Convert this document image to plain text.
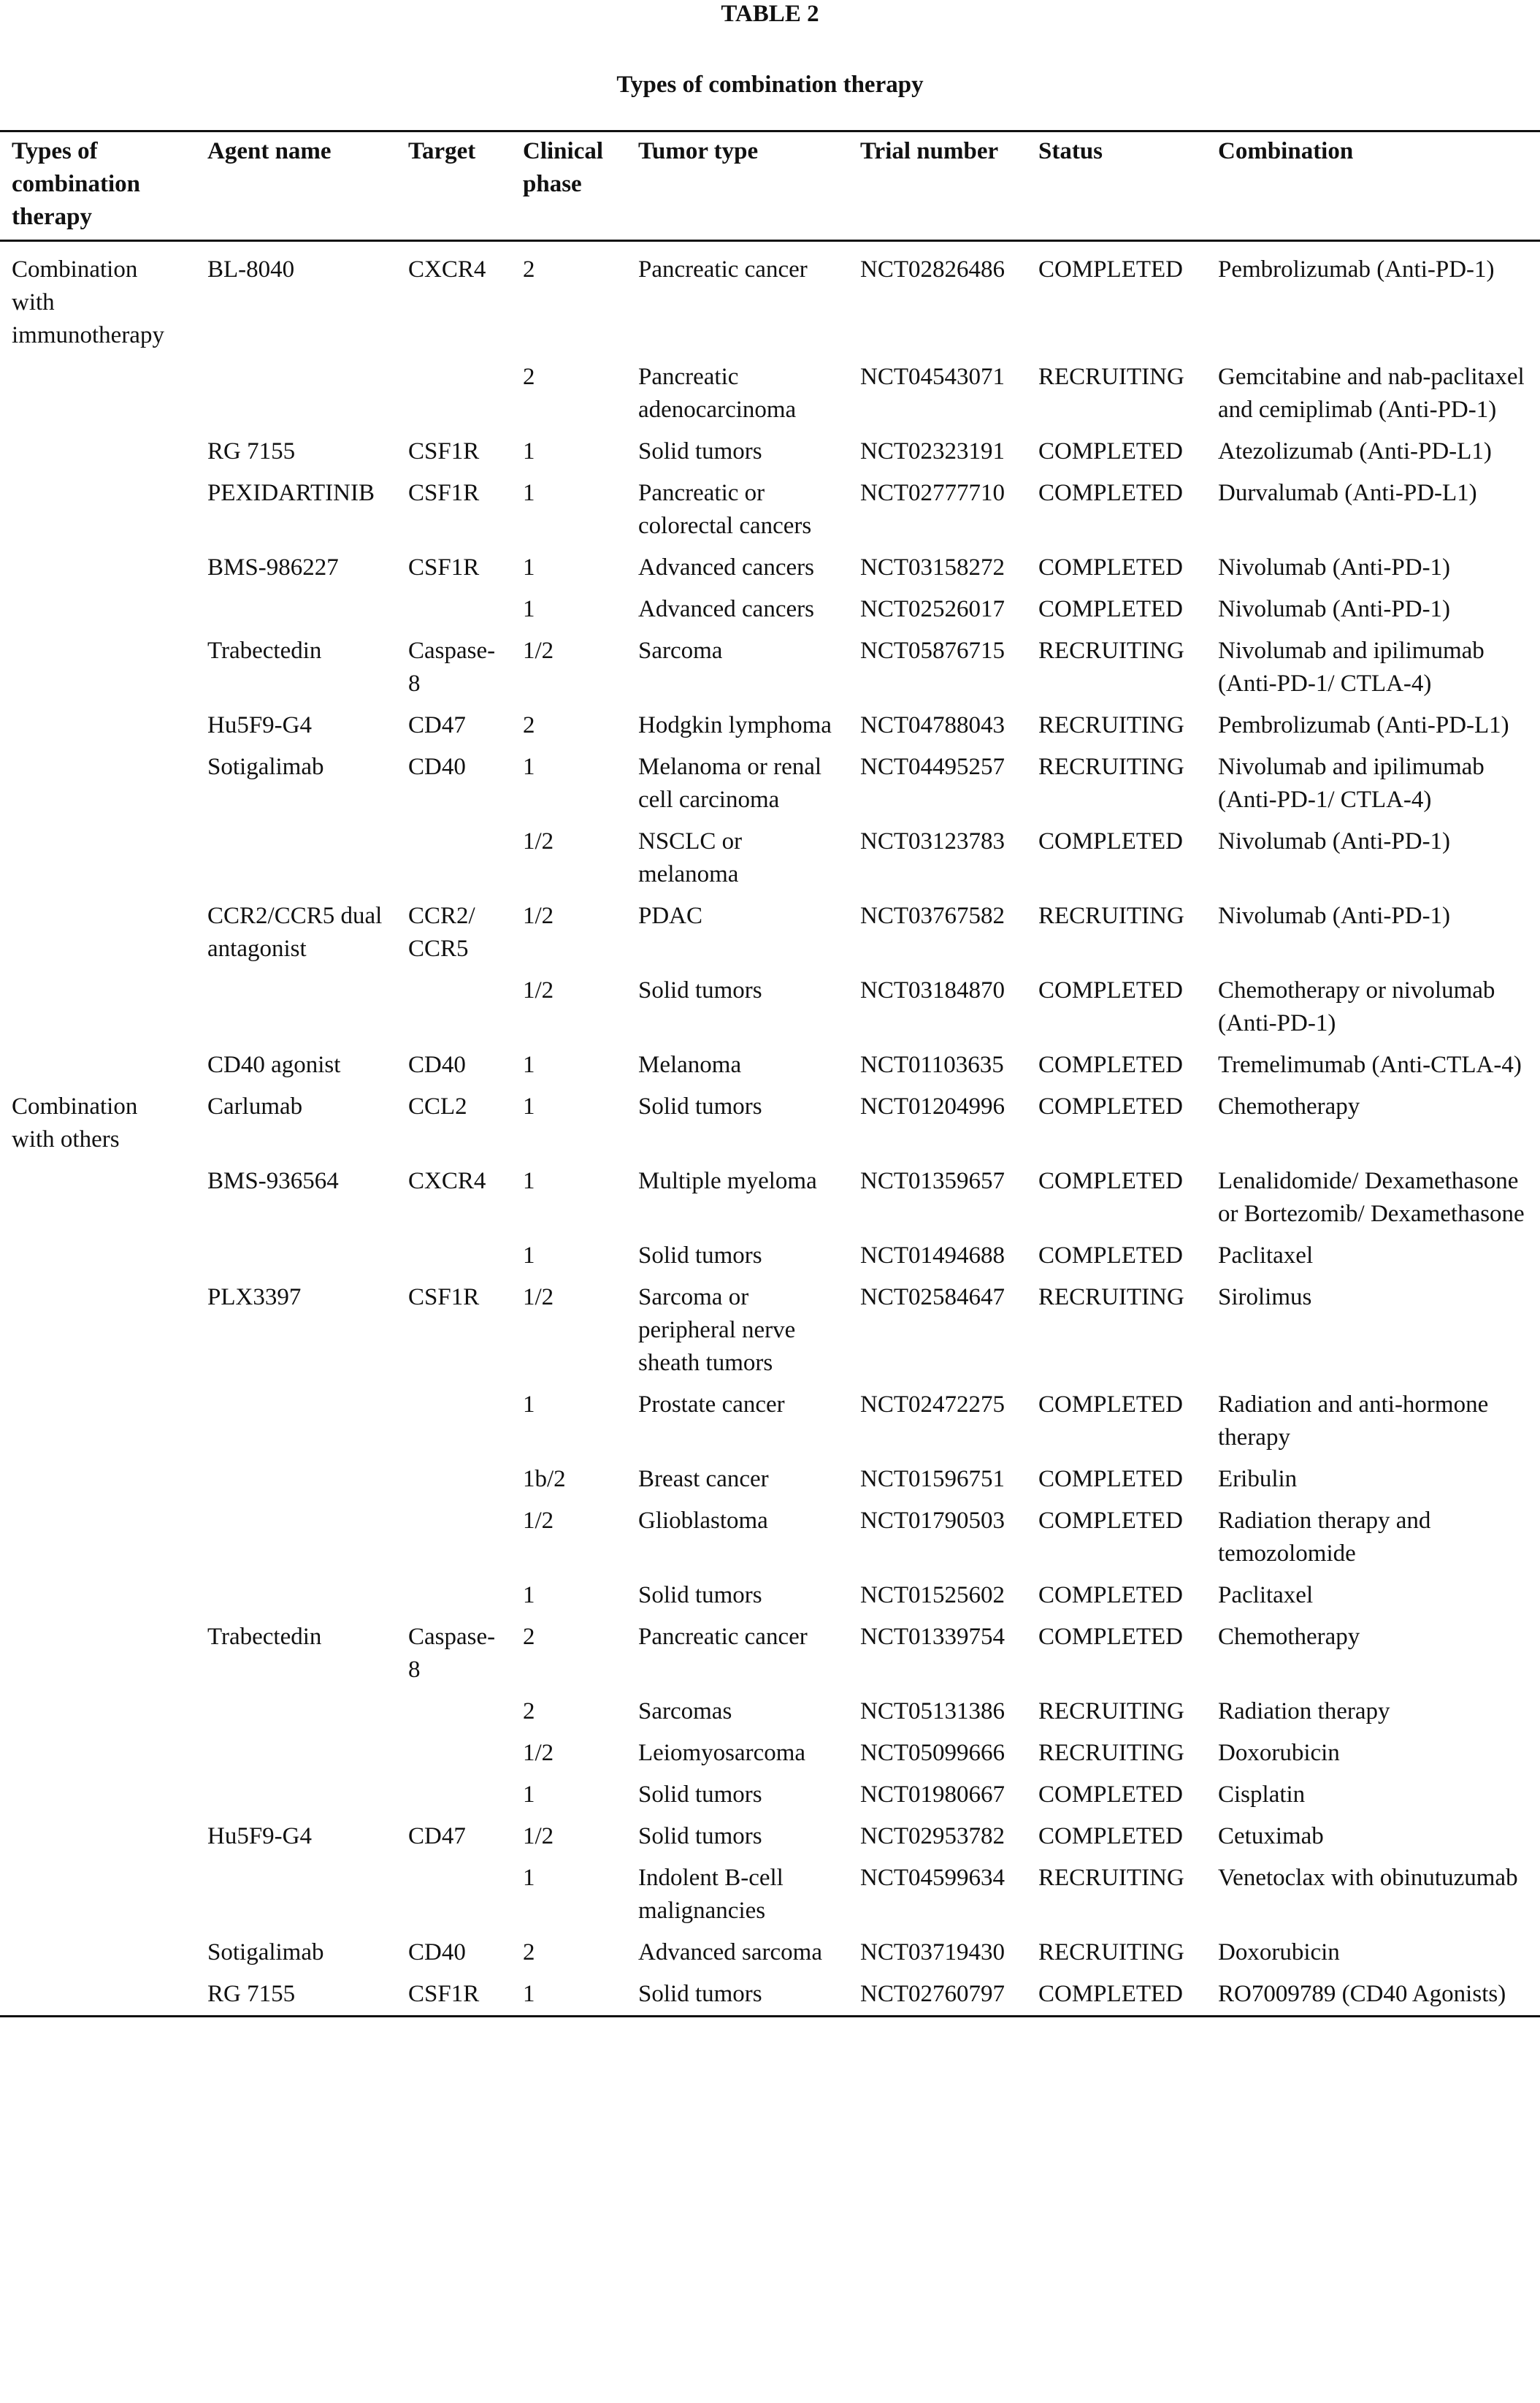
TABLE 2
Types of combination therapy
Types of combination therapy	Agent name	Target	Clinical phase	Tumor type	Trial number	Status	Combination
Combination with immunotherapy	BL-8040	CXCR4	2	Pancreatic cancer	NCT02826486	COMPLETED	Pembrolizumab (Anti-PD-1)
			2	Pancreatic adenocarcinoma	NCT04543071	RECRUITING	Gemcitabine and nab-paclitaxel and cemiplimab (Anti-PD-1)
	RG 7155	CSF1R	1	Solid tumors	NCT02323191	COMPLETED	Atezolizumab (Anti-PD-L1)
	PEXIDARTINIB	CSF1R	1	Pancreatic or colorectal cancers	NCT02777710	COMPLETED	Durvalumab (Anti-PD-L1)
	BMS-986227	CSF1R	1	Advanced cancers	NCT03158272	COMPLETED	Nivolumab (Anti-PD-1)
			1	Advanced cancers	NCT02526017	COMPLETED	Nivolumab (Anti-PD-1)
	Trabectedin	Caspase-8	1/2	Sarcoma	NCT05876715	RECRUITING	Nivolumab and ipilimumab (Anti-PD-1/ CTLA-4)
	Hu5F9-G4	CD47	2	Hodgkin lymphoma	NCT04788043	RECRUITING	Pembrolizumab (Anti-PD-L1)
	Sotigalimab	CD40	1	Melanoma or renal cell carcinoma	NCT04495257	RECRUITING	Nivolumab and ipilimumab (Anti-PD-1/ CTLA-4)
			1/2	NSCLC or melanoma	NCT03123783	COMPLETED	Nivolumab (Anti-PD-1)
	CCR2/CCR5 dual antagonist	CCR2/ CCR5	1/2	PDAC	NCT03767582	RECRUITING	Nivolumab (Anti-PD-1)
			1/2	Solid tumors	NCT03184870	COMPLETED	Chemotherapy or nivolumab (Anti-PD-1)
	CD40 agonist	CD40	1	Melanoma	NCT01103635	COMPLETED	Tremelimumab (Anti-CTLA-4)
Combination with others	Carlumab	CCL2	1	Solid tumors	NCT01204996	COMPLETED	Chemotherapy
	BMS-936564	CXCR4	1	Multiple myeloma	NCT01359657	COMPLETED	Lenalidomide/ Dexamethasone or Bortezomib/ Dexamethasone
			1	Solid tumors	NCT01494688	COMPLETED	Paclitaxel
	PLX3397	CSF1R	1/2	Sarcoma or peripheral nerve sheath tumors	NCT02584647	RECRUITING	Sirolimus
			1	Prostate cancer	NCT02472275	COMPLETED	Radiation and anti-hormone therapy
			1b/2	Breast cancer	NCT01596751	COMPLETED	Eribulin
			1/2	Glioblastoma	NCT01790503	COMPLETED	Radiation therapy and temozolomide
			1	Solid tumors	NCT01525602	COMPLETED	Paclitaxel
	Trabectedin	Caspase-8	2	Pancreatic cancer	NCT01339754	COMPLETED	Chemotherapy
			2	Sarcomas	NCT05131386	RECRUITING	Radiation therapy
			1/2	Leiomyosarcoma	NCT05099666	RECRUITING	Doxorubicin
			1	Solid tumors	NCT01980667	COMPLETED	Cisplatin
	Hu5F9-G4	CD47	1/2	Solid tumors	NCT02953782	COMPLETED	Cetuximab
			1	Indolent B-cell malignancies	NCT04599634	RECRUITING	Venetoclax with obinutuzumab
	Sotigalimab	CD40	2	Advanced sarcoma	NCT03719430	RECRUITING	Doxorubicin
	RG 7155	CSF1R	1	Solid tumors	NCT02760797	COMPLETED	RO7009789 (CD40 Agonists)
